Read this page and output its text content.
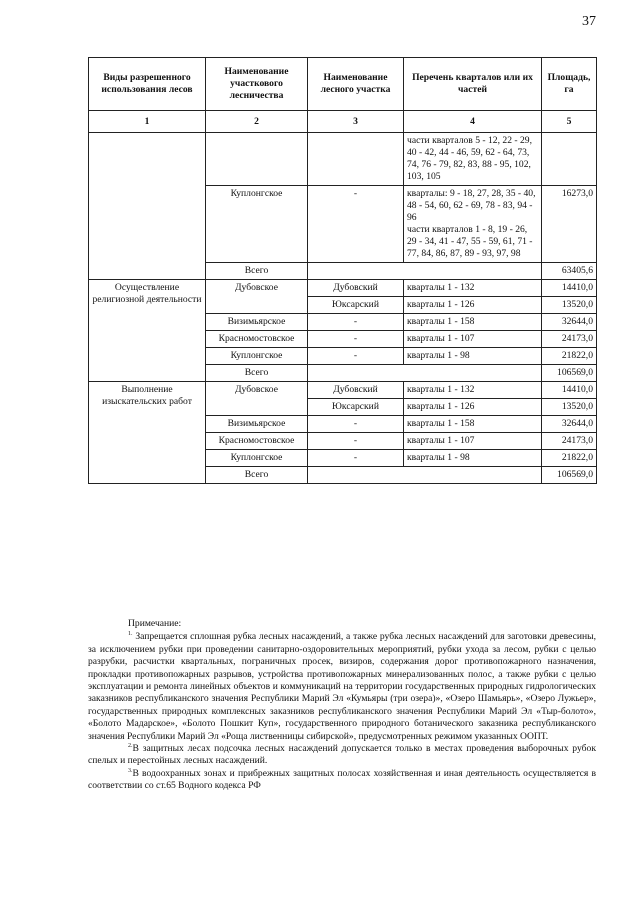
37
Виды разрешенного использования лесов	Наименование участкового лесничества	Наименование лесного участка	Перечень кварталов или их частей	Площадь, га
1	2	3	4	5
			части кварталов 5 - 12, 22 - 29, 40 - 42, 44 - 46, 59, 62 - 64, 73, 74, 76 - 79, 82, 83, 88 - 95, 102, 103, 105	
	Куплонгское	-	кварталы: 9 - 18, 27, 28, 35 - 40, 48 - 54, 60, 62 - 69, 78 - 83, 94 - 96
части кварталов 1 - 8, 19 - 26, 29 - 34, 41 - 47, 55 - 59, 61, 71 - 77, 84, 86, 87, 89 - 93, 97, 98	16273,0
	Всего			63405,6
Осуществление религиозной деятельности	Дубовское	Дубовский	кварталы 1 - 132	14410,0
		Юксарский	кварталы 1 - 126	13520,0
	Визимьярское	-	кварталы 1 - 158	32644,0
	Красномостовское	-	кварталы 1 - 107	24173,0
	Куплонгское	-	кварталы 1 - 98	21822,0
	Всего			106569,0
Выполнение изыскательских работ	Дубовское	Дубовский	кварталы 1 - 132	14410,0
		Юксарский	кварталы 1 - 126	13520,0
	Визимьярское	-	кварталы 1 - 158	32644,0
	Красномостовское	-	кварталы 1 - 107	24173,0
	Куплонгское	-	кварталы 1 - 98	21822,0
	Всего			106569,0

Примечание:

$^{1.}$ Запрещается сплошная рубка лесных насаждений, а также рубка лесных насаждений для заготовки древесины, за исключением рубки при проведении санитарно-оздоровительных мероприятий, рубки ухода за лесом, рубки с целью разрубки, расчистки квартальных, пограничных просек, визиров, содержания дорог противопожарного назначения, прокладки противопожарных разрывов, устройства противопожарных минерализованных полос, а также рубки с целью эксплуатации и ремонта линейных объектов и коммуникаций на территории государственных природных гидрологических заказников республиканского значения Республики Марий Эл «Кумьяры (три озера)», «Озеро Шамьярь», «Озеро Лужьер», государственных природных комплексных заказников республиканского значения Республики Марий Эл «Тыр-болото», «Болото Мадарское», «Болото Пошкит Куп», государственного природного ботанического заказника республиканского значения Республики Марий Эл «Роща лиственницы сибирской», предусмотренных режимом указанных ООПТ.

$^{2.}$В защитных лесах подсочка лесных насаждений допускается только в местах проведения выборочных рубок спелых и перестойных лесных насаждений.

$^{3.}$В водоохранных зонах и прибрежных защитных полосах хозяйственная и иная деятельность осуществляется в соответствии со ст.65 Водного кодекса РФ
